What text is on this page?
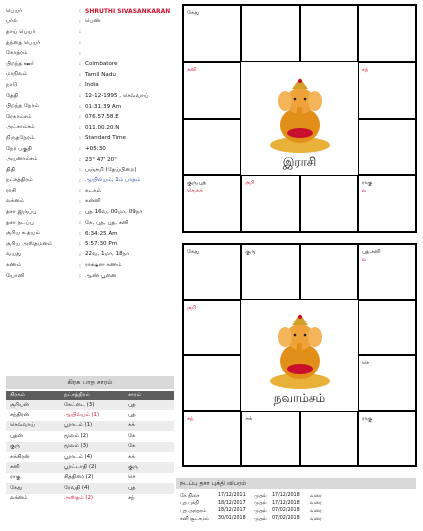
பெயர்	: SHRUTHI SIVASANKARAN
பால்	: பெண்
தாய் பெயர்	:
தந்தை பெயர்	:
கோத்ரம்	:
பிறந்த ஊர்	: Coimbatore
மாநிலம்	: Tamil Nadu
நாடு	: India
தேதி	: 12-12-1995 , செவ்வாய்
பிறந்த நேரம்	: 01:31:39 Am
ரேகாம்சம்	: 076.57.58.E
அட்சாம்சம்	: 011.00.20.N
நிருதநேரம்	: Standard Time
நேர பகுதி	: +05:30
அயனாம்சம்	: 23° 47' 20"
திதி	: பஞ்சமி (தேய்பிறை)
நட்சத்திரம்	: ஆயில்யம், 1ம் பாதம்
ராசி	: கடகம்
லக்னம்	: கன்னி
தசா இருப்பு	: புத 16வ, 00மா, 09நா
தசா நடப்பு	: கே, புத, புத, சனி
சூரிய உதயம்	: 6:34:25 Am
சூரிய அஸ்தமனம்	: 5:57:30 Pm
வயது	: 22வ, 1மா, 18நா
கணம்	: ராக்ஷஸ கணம்
யோனி	: ஆண் பூனை
கிரக பாத சாரம்
கிரகம்	நட்சத்திரம்	சாரம்
சூரியன்	கேட்டை (3)	புத
சந்திரன்	ஆயில்யம் (1)	புத
செவ்வாய்	பூராடம் (1)	சுக்
புதன்	மூலம் (2)	கே
குரு	மூலம் (3)	கே
சுக்கிரன்	பூராடம் (4)	சுக்
சனி	பூரட்டாதி (2)	குரு
ராகு	சித்திரை (2)	செ
கேது	ரேவதி (4)	புத
லக்னம்	அஸ்தம் (2)	சந்
இராசி
கேது
சனி	சந்
குரு,புத
செ,சுக்
சூரி	ராகு
ல
நவாம்சம்
கேது	குரு	புத,சனி
ல
சூரி
செ
சந்	சுக்	ராகு
நடப்பு தசா புக்தி விபரம்
கே திசை	17/12/2011	முதல்	17/12/2018	வரை
புத புக்தி	18/12/2017	முதல்	17/12/2018	வரை
புத அந்தரம்	18/12/2017	முதல்	07/02/2018	வரை
சனி சூட்சமம்	30/01/2018	முதல்	07/02/2018	வரை
